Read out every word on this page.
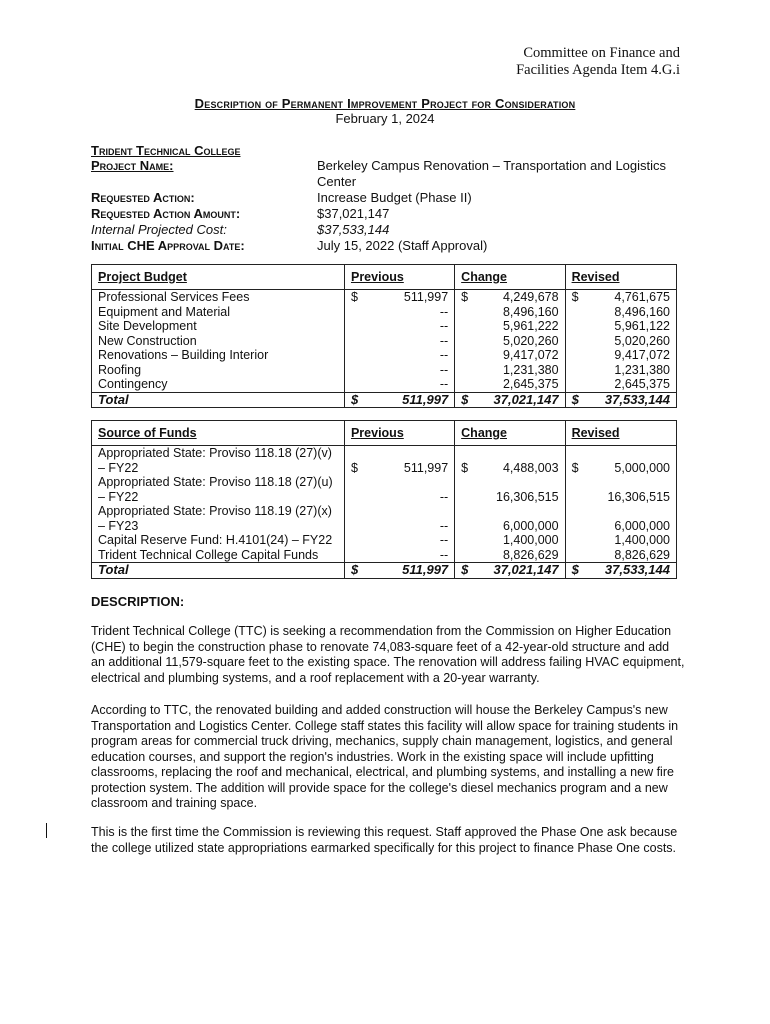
Committee on Finance and
Facilities Agenda Item 4.G.i
Description of Permanent Improvement Project for Consideration
February 1, 2024
Trident Technical College
Project Name:	Berkeley Campus Renovation – Transportation and Logistics Center
Requested Action:	Increase Budget (Phase II)
Requested Action Amount:	$37,021,147
Internal Projected Cost:	$37,533,144
Initial CHE Approval Date:	July 15, 2022 (Staff Approval)
Project Budget	Previous	Change	Revised
Professional Services Fees	$ 511,997	$ 4,249,678	$ 4,761,675
Equipment and Material	--	8,496,160	8,496,160
Site Development	--	5,961,222	5,961,122
New Construction	--	5,020,260	5,020,260
Renovations – Building Interior	--	9,417,072	9,417,072
Roofing	--	1,231,380	1,231,380
Contingency	--	2,645,375	2,645,375
Total	$ 511,997	$ 37,021,147	$ 37,533,144
Source of Funds	Previous	Change	Revised
Appropriated State: Proviso 118.18 (27)(v) – FY22	$ 511,997	$ 4,488,003	$ 5,000,000
Appropriated State: Proviso 118.18 (27)(u) – FY22	--	16,306,515	16,306,515
Appropriated State: Proviso 118.19 (27)(x) – FY23	--	6,000,000	6,000,000
Capital Reserve Fund: H.4101(24) – FY22	--	1,400,000	1,400,000
Trident Technical College Capital Funds	--	8,826,629	8,826,629
Total	$ 511,997	$ 37,021,147	$ 37,533,144
DESCRIPTION:
Trident Technical College (TTC) is seeking a recommendation from the Commission on Higher Education (CHE) to begin the construction phase to renovate 74,083-square feet of a 42-year-old structure and add an additional 11,579-square feet to the existing space. The renovation will address failing HVAC equipment, electrical and plumbing systems, and a roof replacement with a 20-year warranty.
According to TTC, the renovated building and added construction will house the Berkeley Campus's new Transportation and Logistics Center. College staff states this facility will allow space for training students in program areas for commercial truck driving, mechanics, supply chain management, logistics, and general education courses, and support the region's industries. Work in the existing space will include upfitting classrooms, replacing the roof and mechanical, electrical, and plumbing systems, and installing a new fire protection system. The addition will provide space for the college's diesel mechanics program and a new classroom and training space.
This is the first time the Commission is reviewing this request. Staff approved the Phase One ask because the college utilized state appropriations earmarked specifically for this project to finance Phase One costs.
